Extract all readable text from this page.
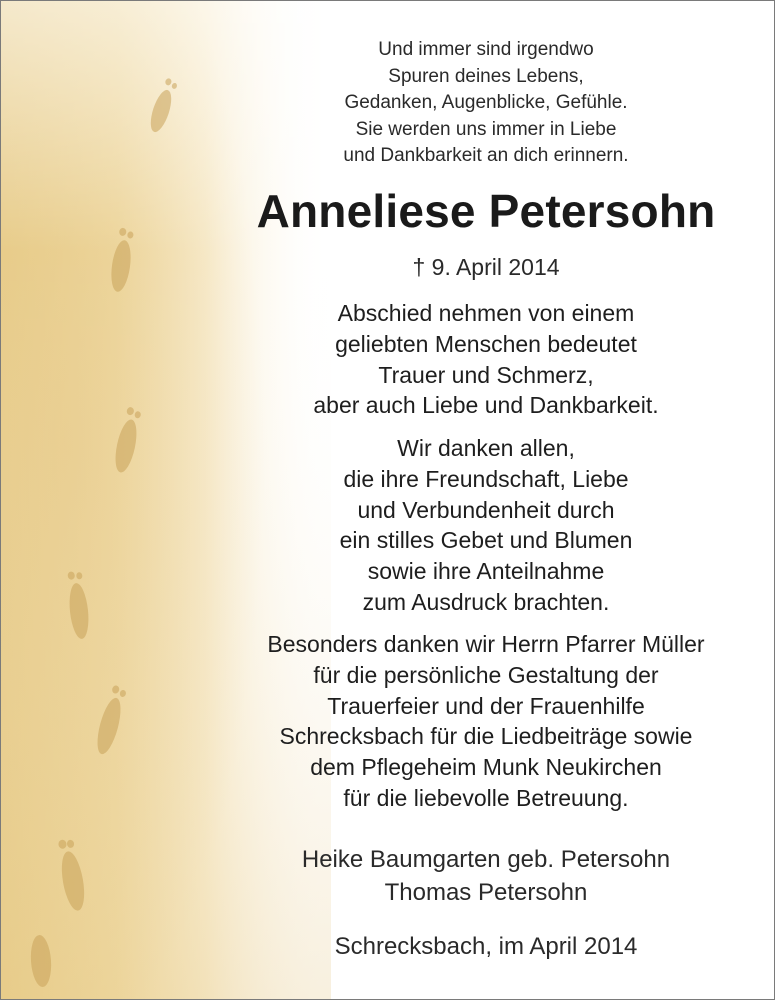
Und immer sind irgendwo
Spuren deines Lebens,
Gedanken, Augenblicke, Gefühle.
Sie werden uns immer in Liebe
und Dankbarkeit an dich erinnern.
Anneliese Petersohn
† 9. April 2014
Abschied nehmen von einem
geliebten Menschen bedeutet
Trauer und Schmerz,
aber auch Liebe und Dankbarkeit.
Wir danken allen,
die ihre Freundschaft, Liebe
und Verbundenheit durch
ein stilles Gebet und Blumen
sowie ihre Anteilnahme
zum Ausdruck brachten.
Besonders danken wir Herrn Pfarrer Müller
für die persönliche Gestaltung der
Trauerfeier und der Frauenhilfe
Schrecksbach für die Liedbeiträge sowie
dem Pflegeheim Munk Neukirchen
für die liebevolle Betreuung.
Heike Baumgarten geb. Petersohn
Thomas Petersohn
Schrecksbach, im April 2014
